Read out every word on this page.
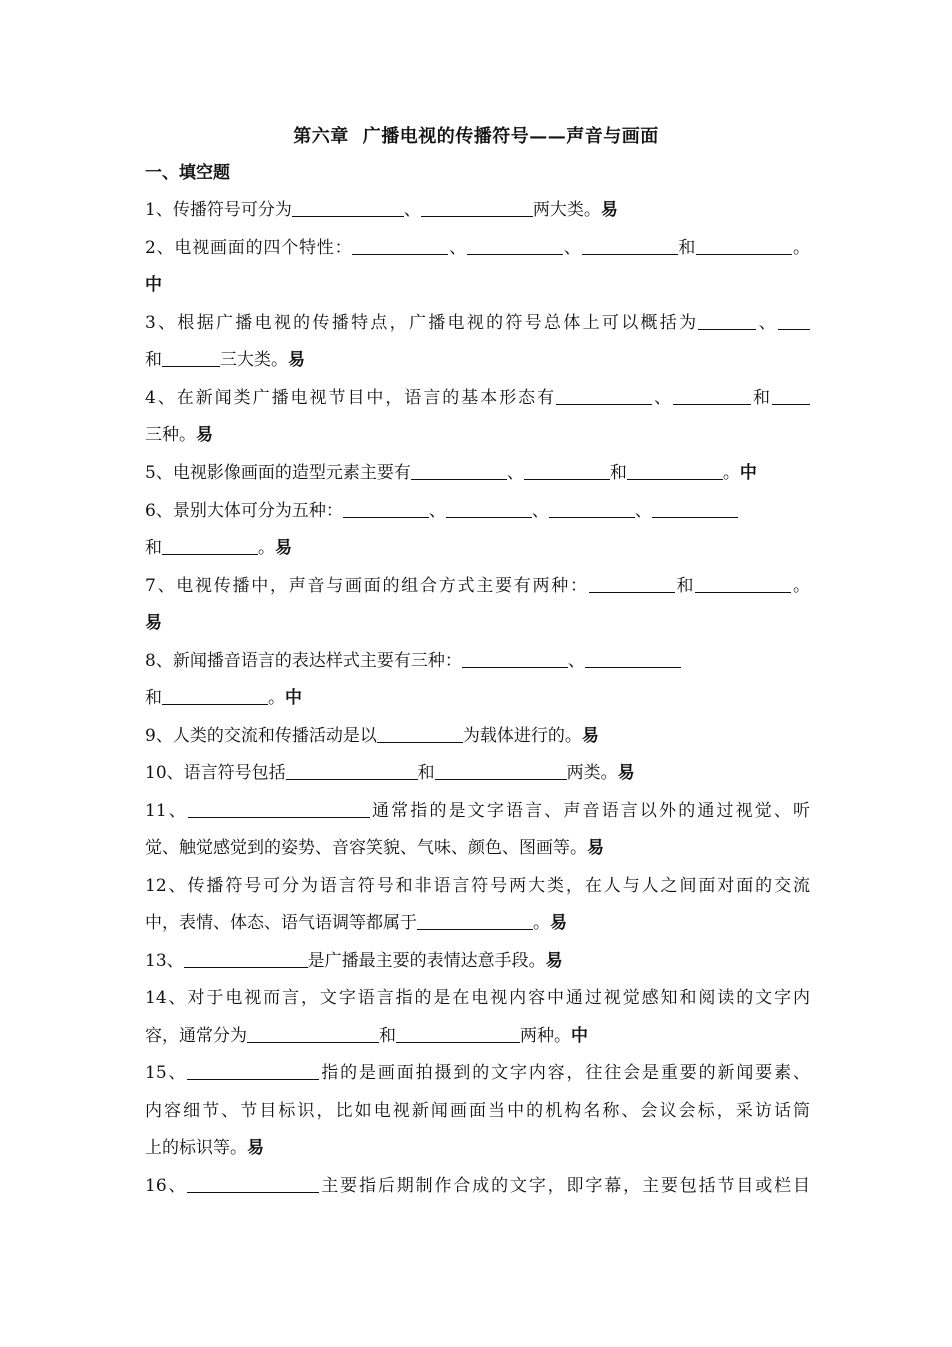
第六章 广播电视的传播符号——声音与画面
一、填空题
1、传播符号可分为	、	两大类。易
2、电视画面的四个特性：	、	、	和	。
中
3、根据广播电视的传播特点，广播电视的符号总体上可以概括为	、
和	三大类。易
4、在新闻类广播电视节目中，语言的基本形态有	、	和
三种。易
5、电视影像画面的造型元素主要有	、	和	。中
6、景别大体可分为五种：	、	、	、
和	。易
7、电视传播中，声音与画面的组合方式主要有两种：	和	。
易
8、新闻播音语言的表达样式主要有三种：	、
和	。中
9、人类的交流和传播活动是以	为载体进行的。易
10、语言符号包括	和	两类。易
11、	通常指的是文字语言、声音语言以外的通过视觉、听
觉、触觉感觉到的姿势、音容笑貌、气味、颜色、图画等。易
12、传播符号可分为语言符号和非语言符号两大类，在人与人之间面对面的交流
中，表情、体态、语气语调等都属于	。易
13、	是广播最主要的表情达意手段。易
14、对于电视而言，文字语言指的是在电视内容中通过视觉感知和阅读的文字内
容，通常分为	和	两种。中
15、	指的是画面拍摄到的文字内容，往往会是重要的新闻要素、
内容细节、节目标识，比如电视新闻画面当中的机构名称、会议会标，采访话筒
上的标识等。易
16、	主要指后期制作合成的文字，即字幕，主要包括节目或栏目
